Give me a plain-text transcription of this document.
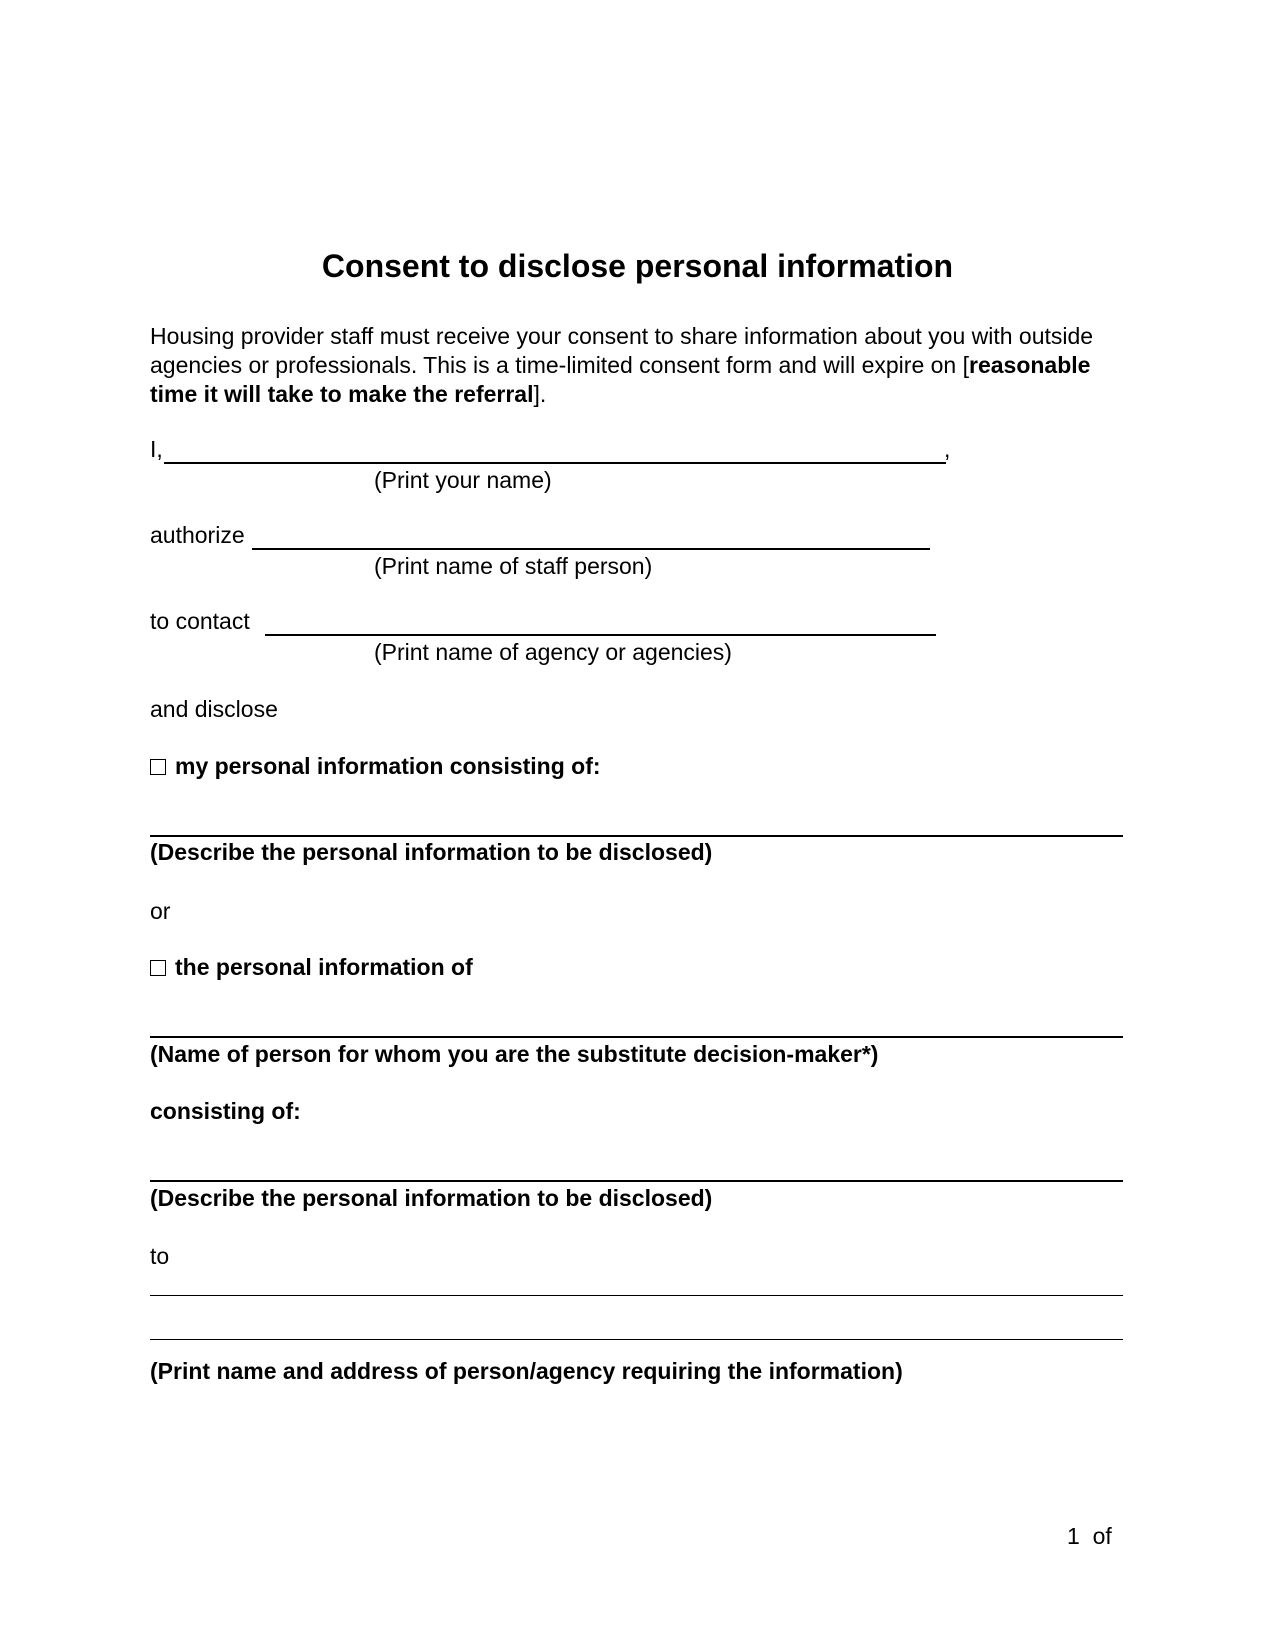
Consent to disclose personal information
Housing provider staff must receive your consent to share information about you with outside agencies or professionals. This is a time-limited consent form and will expire on [reasonable time it will take to make the referral].
I,	,
(Print your name)
authorize
(Print name of staff person)
to contact
(Print name of agency or agencies)
and disclose
my personal information consisting of:
(Describe the personal information to be disclosed)
or
the personal information of
(Name of person for whom you are the substitute decision-maker*)
consisting of:
(Describe the personal information to be disclosed)
to
(Print name and address of person/agency requiring the information)
1 of
